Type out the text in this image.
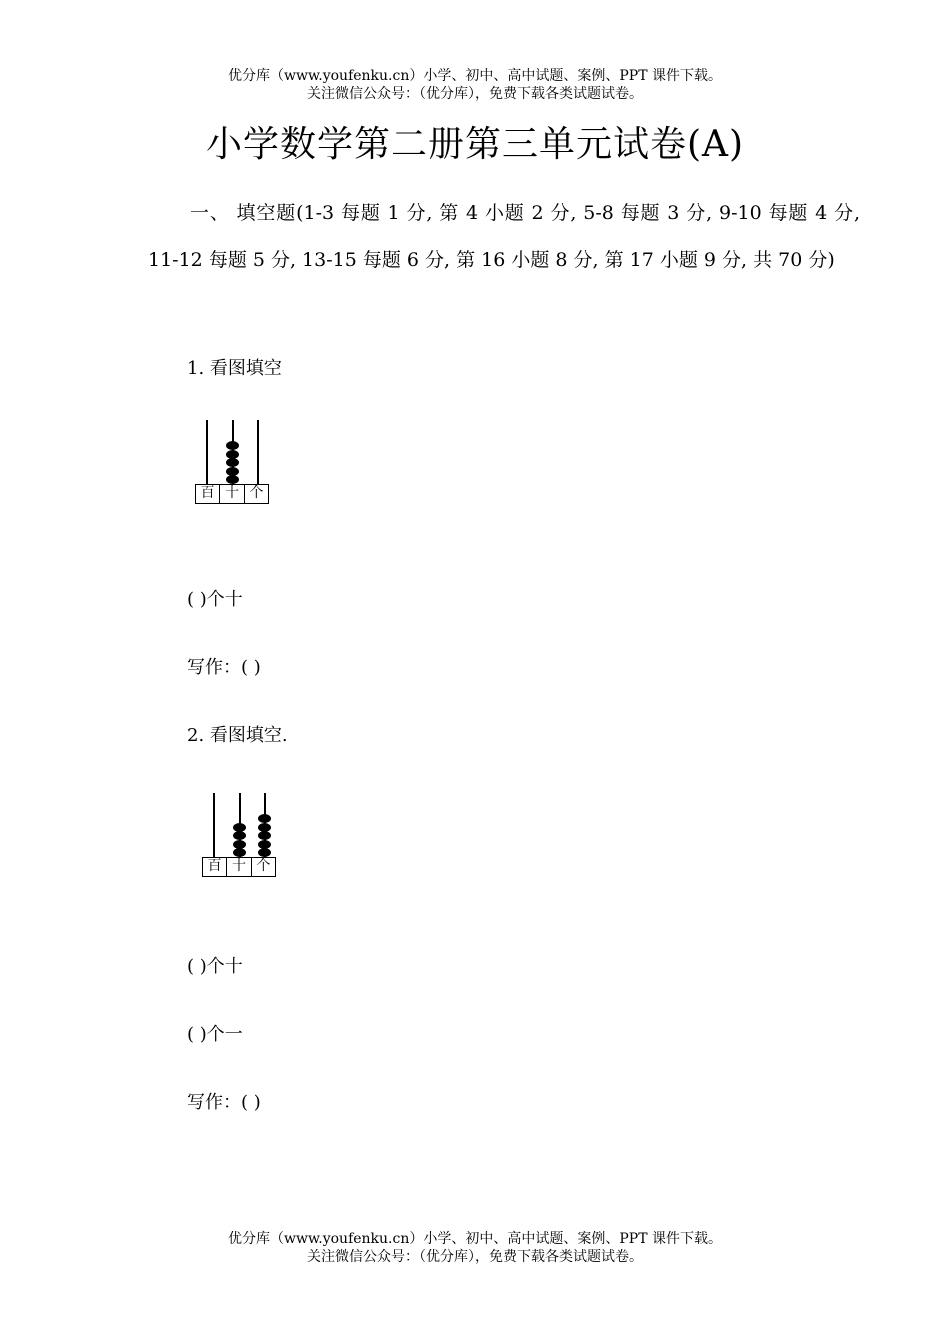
优分库（www.youfenku.cn）小学、初中、高中试题、案例、PPT 课件下载。
关注微信公众号：（优分库），免费下载各类试题试卷。
小学数学第二册第三单元试卷(A)
一、 填空题(1-3 每题 1 分, 第 4 小题 2 分, 5-8 每题 3 分, 9-10 每题 4 分, 11-12 每题 5 分, 13-15 每题 6 分, 第 16 小题 8 分, 第 17 小题 9 分, 共 70 分)
1. 看图填空
百 十 个
( )个十
写作：( )
2. 看图填空.
百 十 个
( )个十
( )个一
写作：( )
优分库（www.youfenku.cn）小学、初中、高中试题、案例、PPT 课件下载。
关注微信公众号：（优分库），免费下载各类试题试卷。
